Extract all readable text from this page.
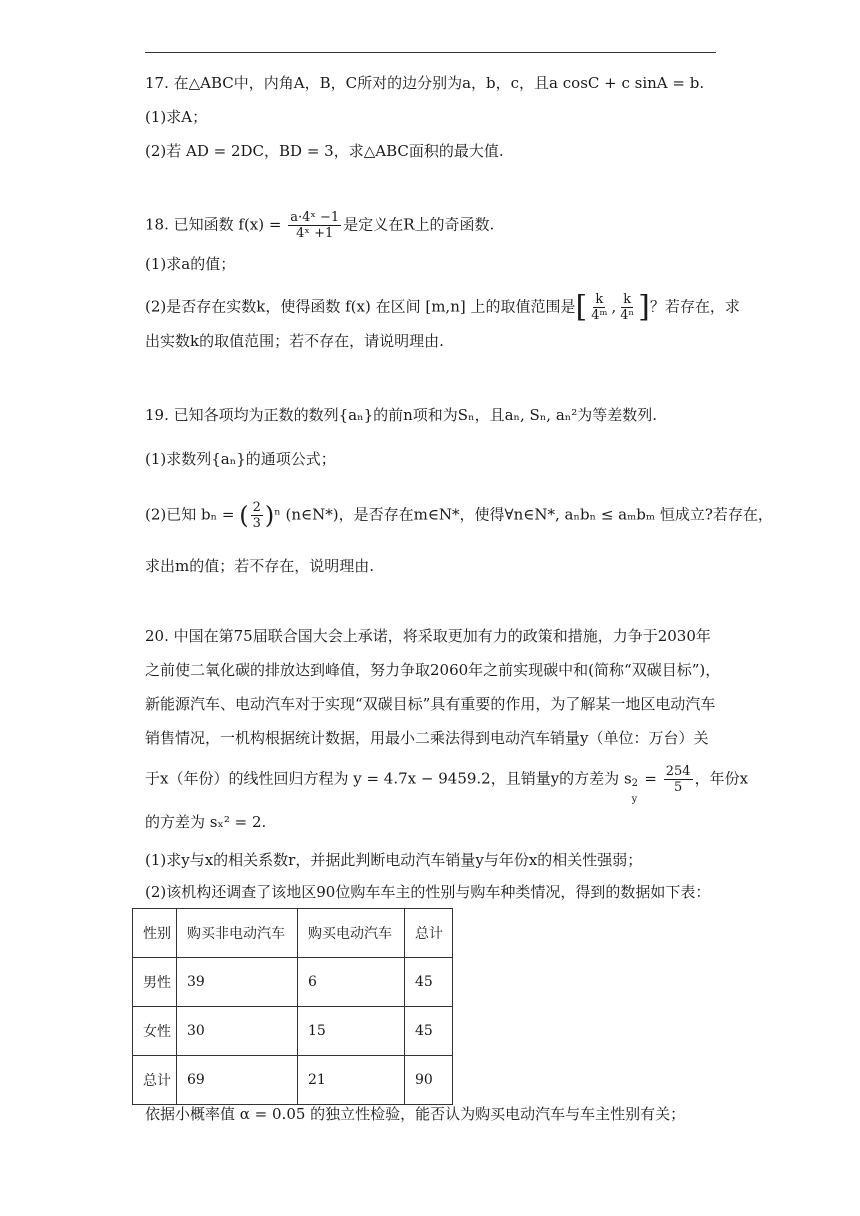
17. 在△ABC中，内角A，B，C所对的边分别为a，b，c，且a cosC + c sinA = b.
(1)求A；
(2)若 AD = 2DC，BD = 3，求△ABC面积的最大值.
18. 已知函数 $f(x) = \frac{\text{a·4ˣ −1}}{\text{4ˣ +1}}$ 是定义在R上的奇函数.
(1)求a的值；
(2)是否存在实数k，使得函数 f(x) 在区间 [m,n] 上的取值范围是[ $\frac{k}{\text{4ᵐ}}$ , $\frac{k}{\text{4ⁿ}}$ ]？若存在，求
出实数k的取值范围；若不存在，请说明理由.
19. 已知各项均为正数的数列{aₙ}的前n项和为Sₙ，且aₙ, Sₙ, aₙ²为等差数列.
(1)求数列{aₙ}的通项公式；
(2)已知 bₙ = ( $\frac{2}{3} )^n$ (n∈N*)，是否存在m∈N*，使得∀n∈N*, aₙbₙ ≤ aₘbₘ 恒成立?若存在，
求出m的值；若不存在，说明理由.
20. 中国在第75届联合国大会上承诺，将采取更加有力的政策和措施，力争于2030年
之前使二氧化碳的排放达到峰值，努力争取2060年之前实现碳中和(简称“双碳目标”)，
新能源汽车、电动汽车对于实现“双碳目标”具有重要的作用，为了解某一地区电动汽车
销售情况，一机构根据统计数据，用最小二乘法得到电动汽车销量y（单位：万台）关
于x（年份）的线性回归方程为 y = 4.7x − 9459.2，且销量y的方差为 s 2
y
= $\frac{254}{5}$ ，年份x
的方差为 sₓ² = 2.
(1)求y与x的相关系数r，并据此判断电动汽车销量y与年份x的相关性强弱；
(2)该机构还调查了该地区90位购车车主的性别与购车种类情况，得到的数据如下表：
性别	购买非电动汽车	购买电动汽车	总计
男性	39	6	45
女性	30	15	45
总计	69	21	90
依据小概率值 α = 0.05 的独立性检验，能否认为购买电动汽车与车主性别有关；
